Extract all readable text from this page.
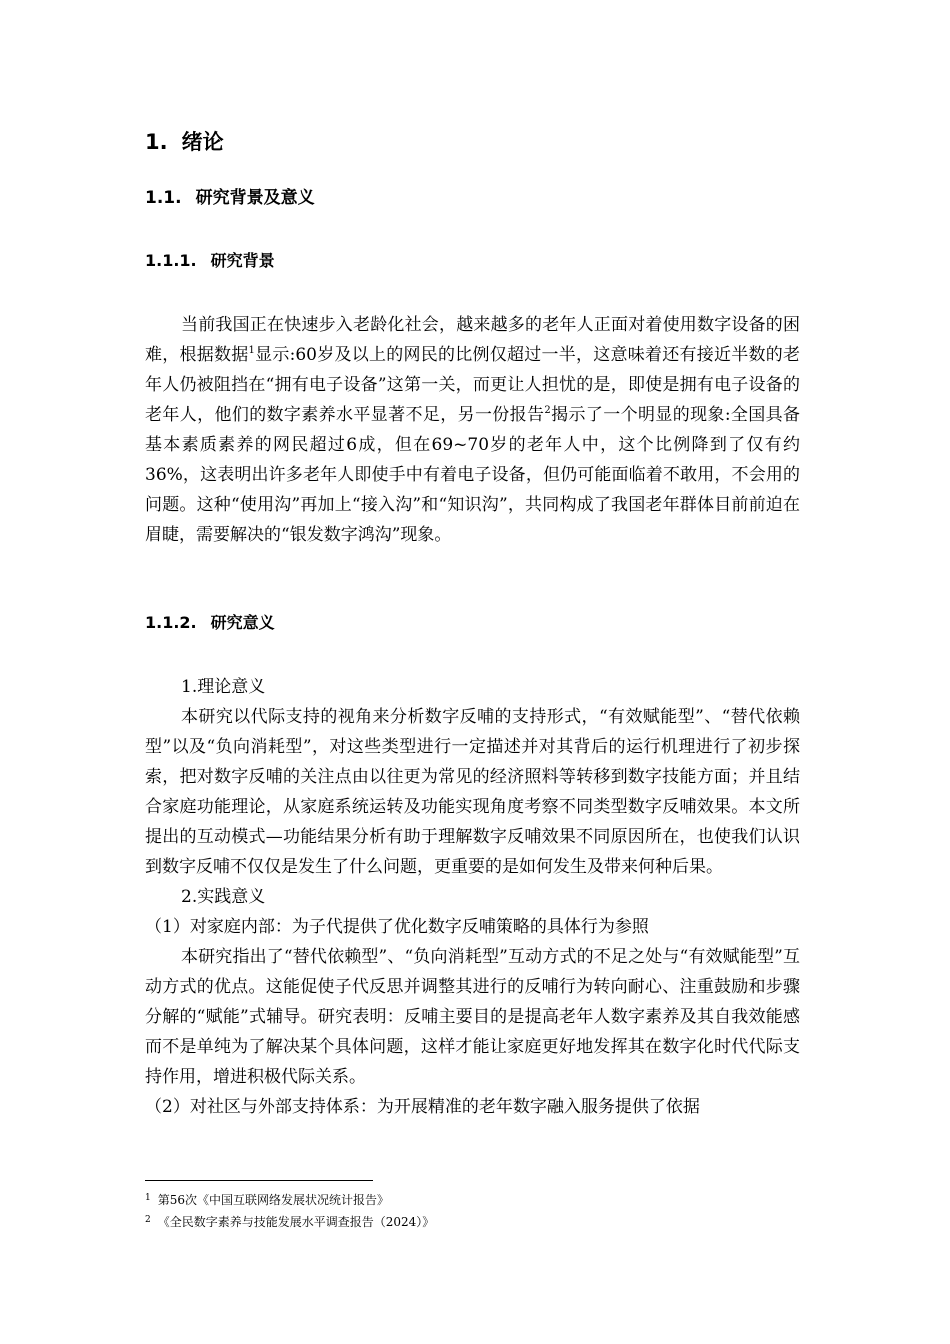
1. 绪论
1.1. 研究背景及意义
1.1.1. 研究背景

当前我国正在快速步入老龄化社会，越来越多的老年人正面对着使用数字设备的困难，根据数据$^1$显示:60岁及以上的网民的比例仅超过一半，这意味着还有接近半数的老年人仍被阻挡在“拥有电子设备”这第一关，而更让人担忧的是，即使是拥有电子设备的老年人，他们的数字素养水平显著不足，另一份报告$^2$揭示了一个明显的现象:全国具备基本素质素养的网民超过6成，但在69~70岁的老年人中，这个比例降到了仅有约36%，这表明出许多老年人即使手中有着电子设备，但仍可能面临着不敢用，不会用的问题。这种“使用沟”再加上“接入沟”和“知识沟”，共同构成了我国老年群体目前前迫在眉睫，需要解决的“银发数字鸿沟”现象。

1.1.2. 研究意义

1.理论意义

本研究以代际支持的视角来分析数字反哺的支持形式，“有效赋能型”、“替代依赖型”以及“负向消耗型”，对这些类型进行一定描述并对其背后的运行机理进行了初步探索，把对数字反哺的关注点由以往更为常见的经济照料等转移到数字技能方面；并且结合家庭功能理论，从家庭系统运转及功能实现角度考察不同类型数字反哺效果。本文所提出的互动模式—功能结果分析有助于理解数字反哺效果不同原因所在，也使我们认识到数字反哺不仅仅是发生了什么问题，更重要的是如何发生及带来何种后果。

2.实践意义

（1）对家庭内部：为子代提供了优化数字反哺策略的具体行为参照

本研究指出了“替代依赖型”、“负向消耗型”互动方式的不足之处与“有效赋能型”互动方式的优点。这能促使子代反思并调整其进行的反哺行为转向耐心、注重鼓励和步骤分解的“赋能”式辅导。研究表明：反哺主要目的是提高老年人数字素养及其自我效能感而不是单纯为了解决某个具体问题，这样才能让家庭更好地发挥其在数字化时代代际支持作用，增进积极代际关系。

（2）对社区与外部支持体系：为开展精准的老年数字融入服务提供了依据

$^1$ 第56次《中国互联网络发展状况统计报告》
$^2$ 《全民数字素养与技能发展水平调查报告（2024）》
